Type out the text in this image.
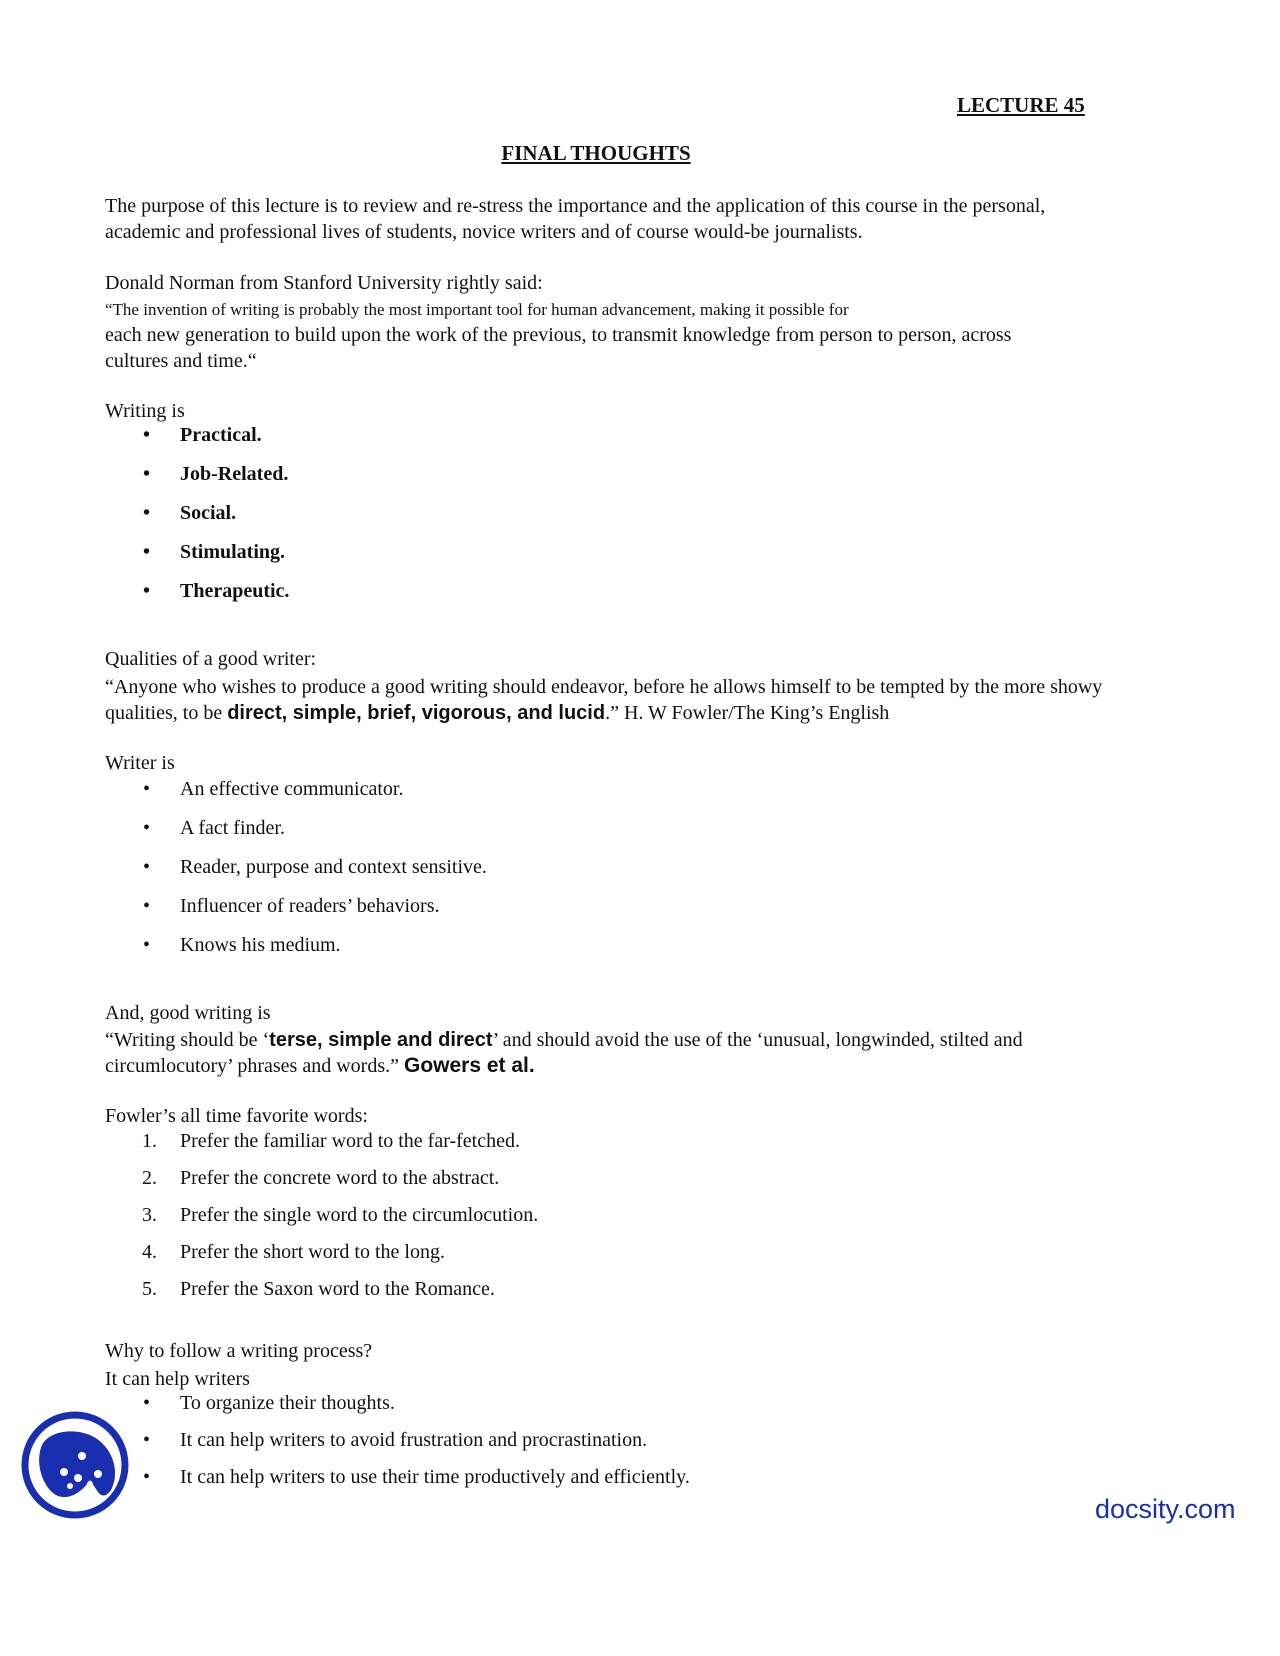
LECTURE 45
FINAL THOUGHTS
The purpose of this lecture is to review and re-stress the importance and the application of this course in the personal, academic and professional lives of students, novice writers and of course would-be journalists.
Donald Norman from Stanford University rightly said:
“The invention of writing is probably the most important tool for human advancement, making it possible for
each new generation to build upon the work of the previous, to transmit knowledge from person to person, across cultures and time.“
Writing is
• Practical.
• Job-Related.
• Social.
• Stimulating.
• Therapeutic.
Qualities of a good writer:
“Anyone who wishes to produce a good writing should endeavor, before he allows himself to be tempted by the more showy qualities, to be direct, simple, brief, vigorous, and lucid.” H. W Fowler/The King’s English
Writer is
• An effective communicator.
• A fact finder.
• Reader, purpose and context sensitive.
• Influencer of readers’ behaviors.
• Knows his medium.
And, good writing is
“Writing should be ‘terse, simple and direct’ and should avoid the use of the ‘unusual, longwinded, stilted and circumlocutory’ phrases and words.” Gowers et al.
Fowler’s all time favorite words:
1. Prefer the familiar word to the far-fetched.
2. Prefer the concrete word to the abstract.
3. Prefer the single word to the circumlocution.
4. Prefer the short word to the long.
5. Prefer the Saxon word to the Romance.
Why to follow a writing process?
It can help writers
• To organize their thoughts.
• It can help writers to avoid frustration and procrastination.
• It can help writers to use their time productively and efficiently.
docsity.com
